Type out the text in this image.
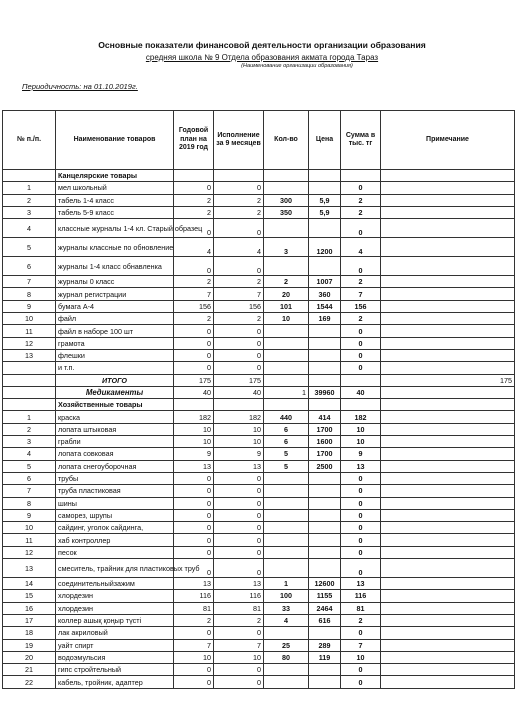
Основные показатели финансовой деятельности организации образования
средняя школа № 9 Отдела образования акмата города Тараз
(Наименование организации образования)
Периодичность: на 01.10.2019г.
№ п./п.	Наименование товаров	Годовой план на 2019 год	Исполнение за 9 месяцев	Кол-во	Цена	Сумма в тыс. тг	Примечание
	Канцелярские товары						
1	мел школьный	0	0			0	
2	табель 1-4 класс	2	2	300	5,9	2	
3	табель 5-9 класс	2	2	350	5,9	2	
4	классные журналы 1-4 кл. Старый образец	0	0			0	
5	журналы классные по обновление	4	4	3	1200	4	
6	журналы 1-4 класс обнавленка	0	0			0	
7	журналы 0 класс	2	2	2	1007	2	
8	журнал регистрации	7	7	20	360	7	
9	бумага А-4	156	156	101	1544	156	
10	файл	2	2	10	169	2	
11	файл в наборе 100 шт	0	0			0	
12	грамота	0	0			0	
13	флешки	0	0			0	
	и т.п.	0	0			0	
	ИТОГО	175	175				175
	Медикаменты	40	40	1	39960	40	
	Хозяйственные товары						
1	краска	182	182	440	414	182	
2	лопата штыковая	10	10	6	1700	10	
3	грабли	10	10	6	1600	10	
4	лопата совковая	9	9	5	1700	9	
5	лопата снегоуборочная	13	13	5	2500	13	
6	трубы	0	0			0	
7	труба пластиковая	0	0			0	
8	шины	0	0			0	
9	саморез, шрупы	0	0			0	
10	сайдинг, уголок сайдинга,	0	0			0	
11	хаб контроллер	0	0			0	
12	песок	0	0			0	
13	смеситель, трайник для пластиковых труб	0	0			0	
14	соединительныйзажим	13	13	1	12600	13	
15	хлордезин	116	116	100	1155	116	
16	хлордезин	81	81	33	2464	81	
17	коллер ашық қоңыр түсті	2	2	4	616	2	
18	лак акриловый	0	0			0	
19	уайт спирт	7	7	25	289	7	
20	водоэмульсия	10	10	80	119	10	
21	гипс стройтельный	0	0			0	
22	кабель, тройник, адаптер	0	0			0	
